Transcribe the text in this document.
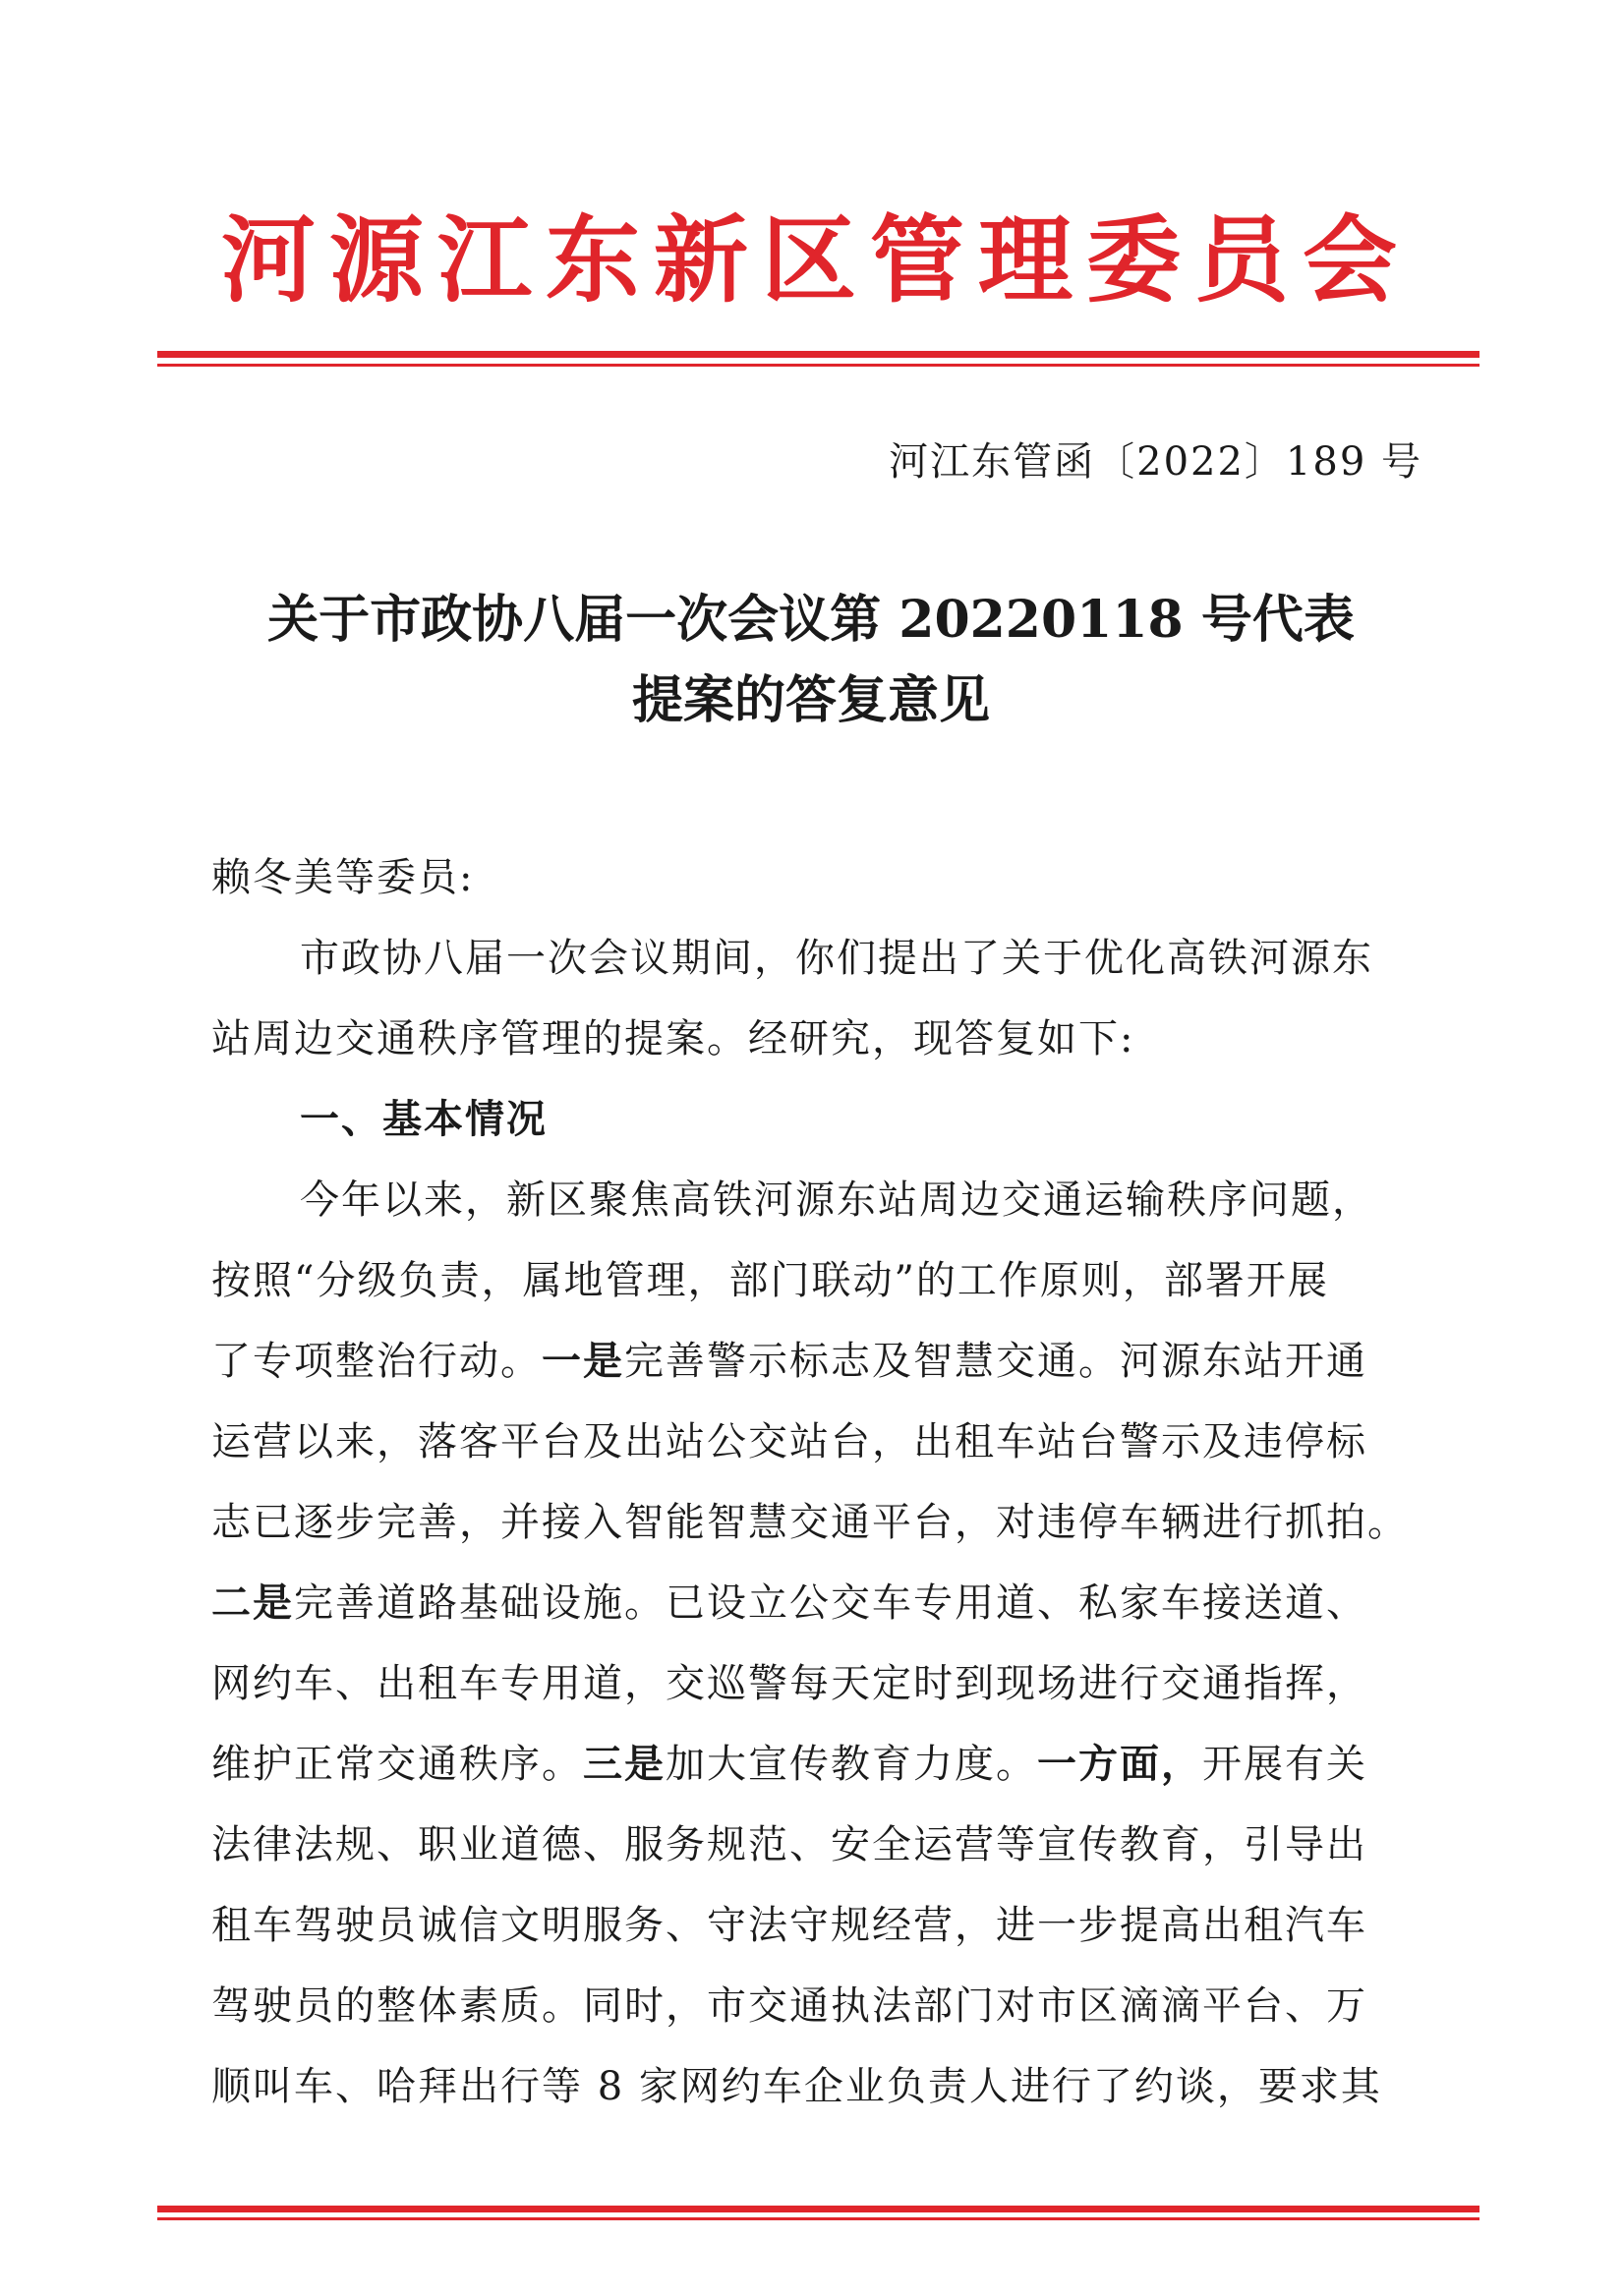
河源江东新区管理委员会
河江东管函〔2022〕189 号
关于市政协八届一次会议第 20220118 号代表
提案的答复意见
赖冬美等委员:
市政协八届一次会议期间，你们提出了关于优化高铁河源东
站周边交通秩序管理的提案。经研究，现答复如下:
一、基本情况
今年以来，新区聚焦高铁河源东站周边交通运输秩序问题，
按照“分级负责，属地管理，部门联动”的工作原则，部署开展
了专项整治行动。一是完善警示标志及智慧交通。河源东站开通
运营以来，落客平台及出站公交站台，出租车站台警示及违停标
志已逐步完善，并接入智能智慧交通平台，对违停车辆进行抓拍。
二是完善道路基础设施。已设立公交车专用道、私家车接送道、
网约车、出租车专用道，交巡警每天定时到现场进行交通指挥，
维护正常交通秩序。三是加大宣传教育力度。一方面，开展有关
法律法规、职业道德、服务规范、安全运营等宣传教育，引导出
租车驾驶员诚信文明服务、守法守规经营，进一步提高出租汽车
驾驶员的整体素质。同时，市交通执法部门对市区滴滴平台、万
顺叫车、哈拜出行等 8 家网约车企业负责人进行了约谈，要求其
